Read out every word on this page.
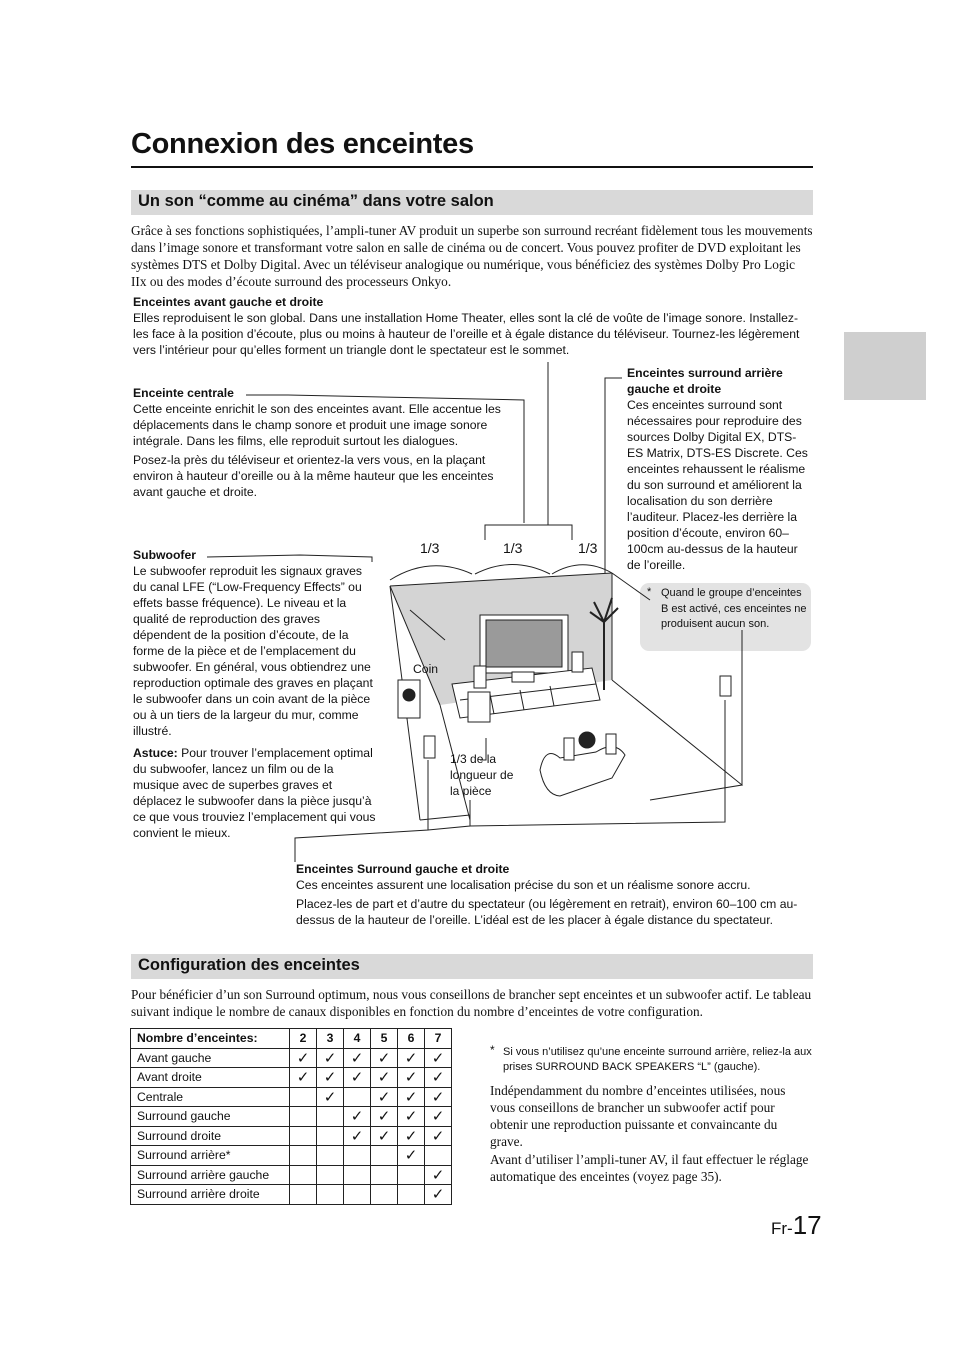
Connexion des enceintes
Un son “comme au cinéma” dans votre salon

Grâce à ses fonctions sophistiquées, l’ampli-tuner AV produit un superbe son surround recréant fidèlement tous les mouvements dans l’image sonore et transformant votre salon en salle de cinéma ou de concert. Vous pouvez profiter de DVD exploitant les systèmes DTS et Dolby Digital. Avec un téléviseur analogique ou numérique, vous bénéficiez des systèmes Dolby Pro Logic IIx ou des modes d’écoute surround des processeurs Onkyo.

Enceintes avant gauche et droite

Elles reproduisent le son global. Dans une installation Home Theater, elles sont la clé de voûte de l’image sonore. Installez-les face à la position d’écoute, plus ou moins à hauteur de l’oreille et à égale distance du téléviseur. Tournez-les légèrement vers l’intérieur pour qu’elles forment un triangle dont le spectateur est le sommet.

Enceinte centrale

Cette enceinte enrichit le son des enceintes avant. Elle accentue les déplacements dans le champ sonore et produit une image sonore intégrale. Dans les films, elle reproduit surtout les dialogues.

Posez-la près du téléviseur et orientez-la vers vous, en la plaçant environ à hauteur d’oreille ou à la même hauteur que les enceintes avant gauche et droite.

Enceintes surround arrière gauche et droite

Ces enceintes surround sont nécessaires pour reproduire des sources Dolby Digital EX, DTS-ES Matrix, DTS-ES Discrete. Ces enceintes rehaussent le réalisme du son surround et améliorent la localisation du son derrière l’auditeur. Placez-les derrière la position d’écoute, environ 60–100cm au-dessus de la hauteur de l’oreille.

* Quand le groupe d’enceintes B est activé, ces enceintes ne produisent aucun son.

Subwoofer

Le subwoofer reproduit les signaux graves du canal LFE (“Low-Frequency Effects” ou effets basse fréquence). Le niveau et la qualité de reproduction des graves dépendent de la position d’écoute, de la forme de la pièce et de l’emplacement du subwoofer. En général, vous obtiendrez une reproduction optimale des graves en plaçant le subwoofer dans un coin avant de la pièce ou à un tiers de la largeur du mur, comme illustré.

Astuce: Pour trouver l’emplacement optimal du subwoofer, lancez un film ou de la musique avec de superbes graves et déplacez le subwoofer dans la pièce jusqu’à ce que vous trouviez l’emplacement qui vous convient le mieux.

1/3	1/3	1/3
Coin

1/3 de la longueur de la pièce

Enceintes Surround gauche et droite

Ces enceintes assurent une localisation précise du son et un réalisme sonore accru.

Placez-les de part et d’autre du spectateur (ou légèrement en retrait), environ 60–100 cm au-dessus de la hauteur de l’oreille. L’idéal est de les placer à égale distance du spectateur.

Configuration des enceintes

Pour bénéficier d’un son Surround optimum, nous vous conseillons de brancher sept enceintes et un subwoofer actif. Le tableau suivant indique le nombre de canaux disponibles en fonction du nombre d’enceintes de votre configuration.

Nombre d’enceintes:	2	3	4	5	6	7
Avant gauche	✓	✓	✓	✓	✓	✓
Avant droite	✓	✓	✓	✓	✓	✓
Centrale		✓		✓	✓	✓
Surround gauche			✓	✓	✓	✓
Surround droite			✓	✓	✓	✓
Surround arrière*					✓	
Surround arrière gauche						✓
Surround arrière droite						✓
* Si vous n’utilisez qu’une enceinte surround arrière, reliez-la aux prises SURROUND BACK SPEAKERS “L” (gauche).

Indépendamment du nombre d’enceintes utilisées, nous vous conseillons de brancher un subwoofer actif pour obtenir une reproduction puissante et convaincante du grave.

Avant d’utiliser l’ampli-tuner AV, il faut effectuer le réglage automatique des enceintes (voyez page 35).

Fr-17
